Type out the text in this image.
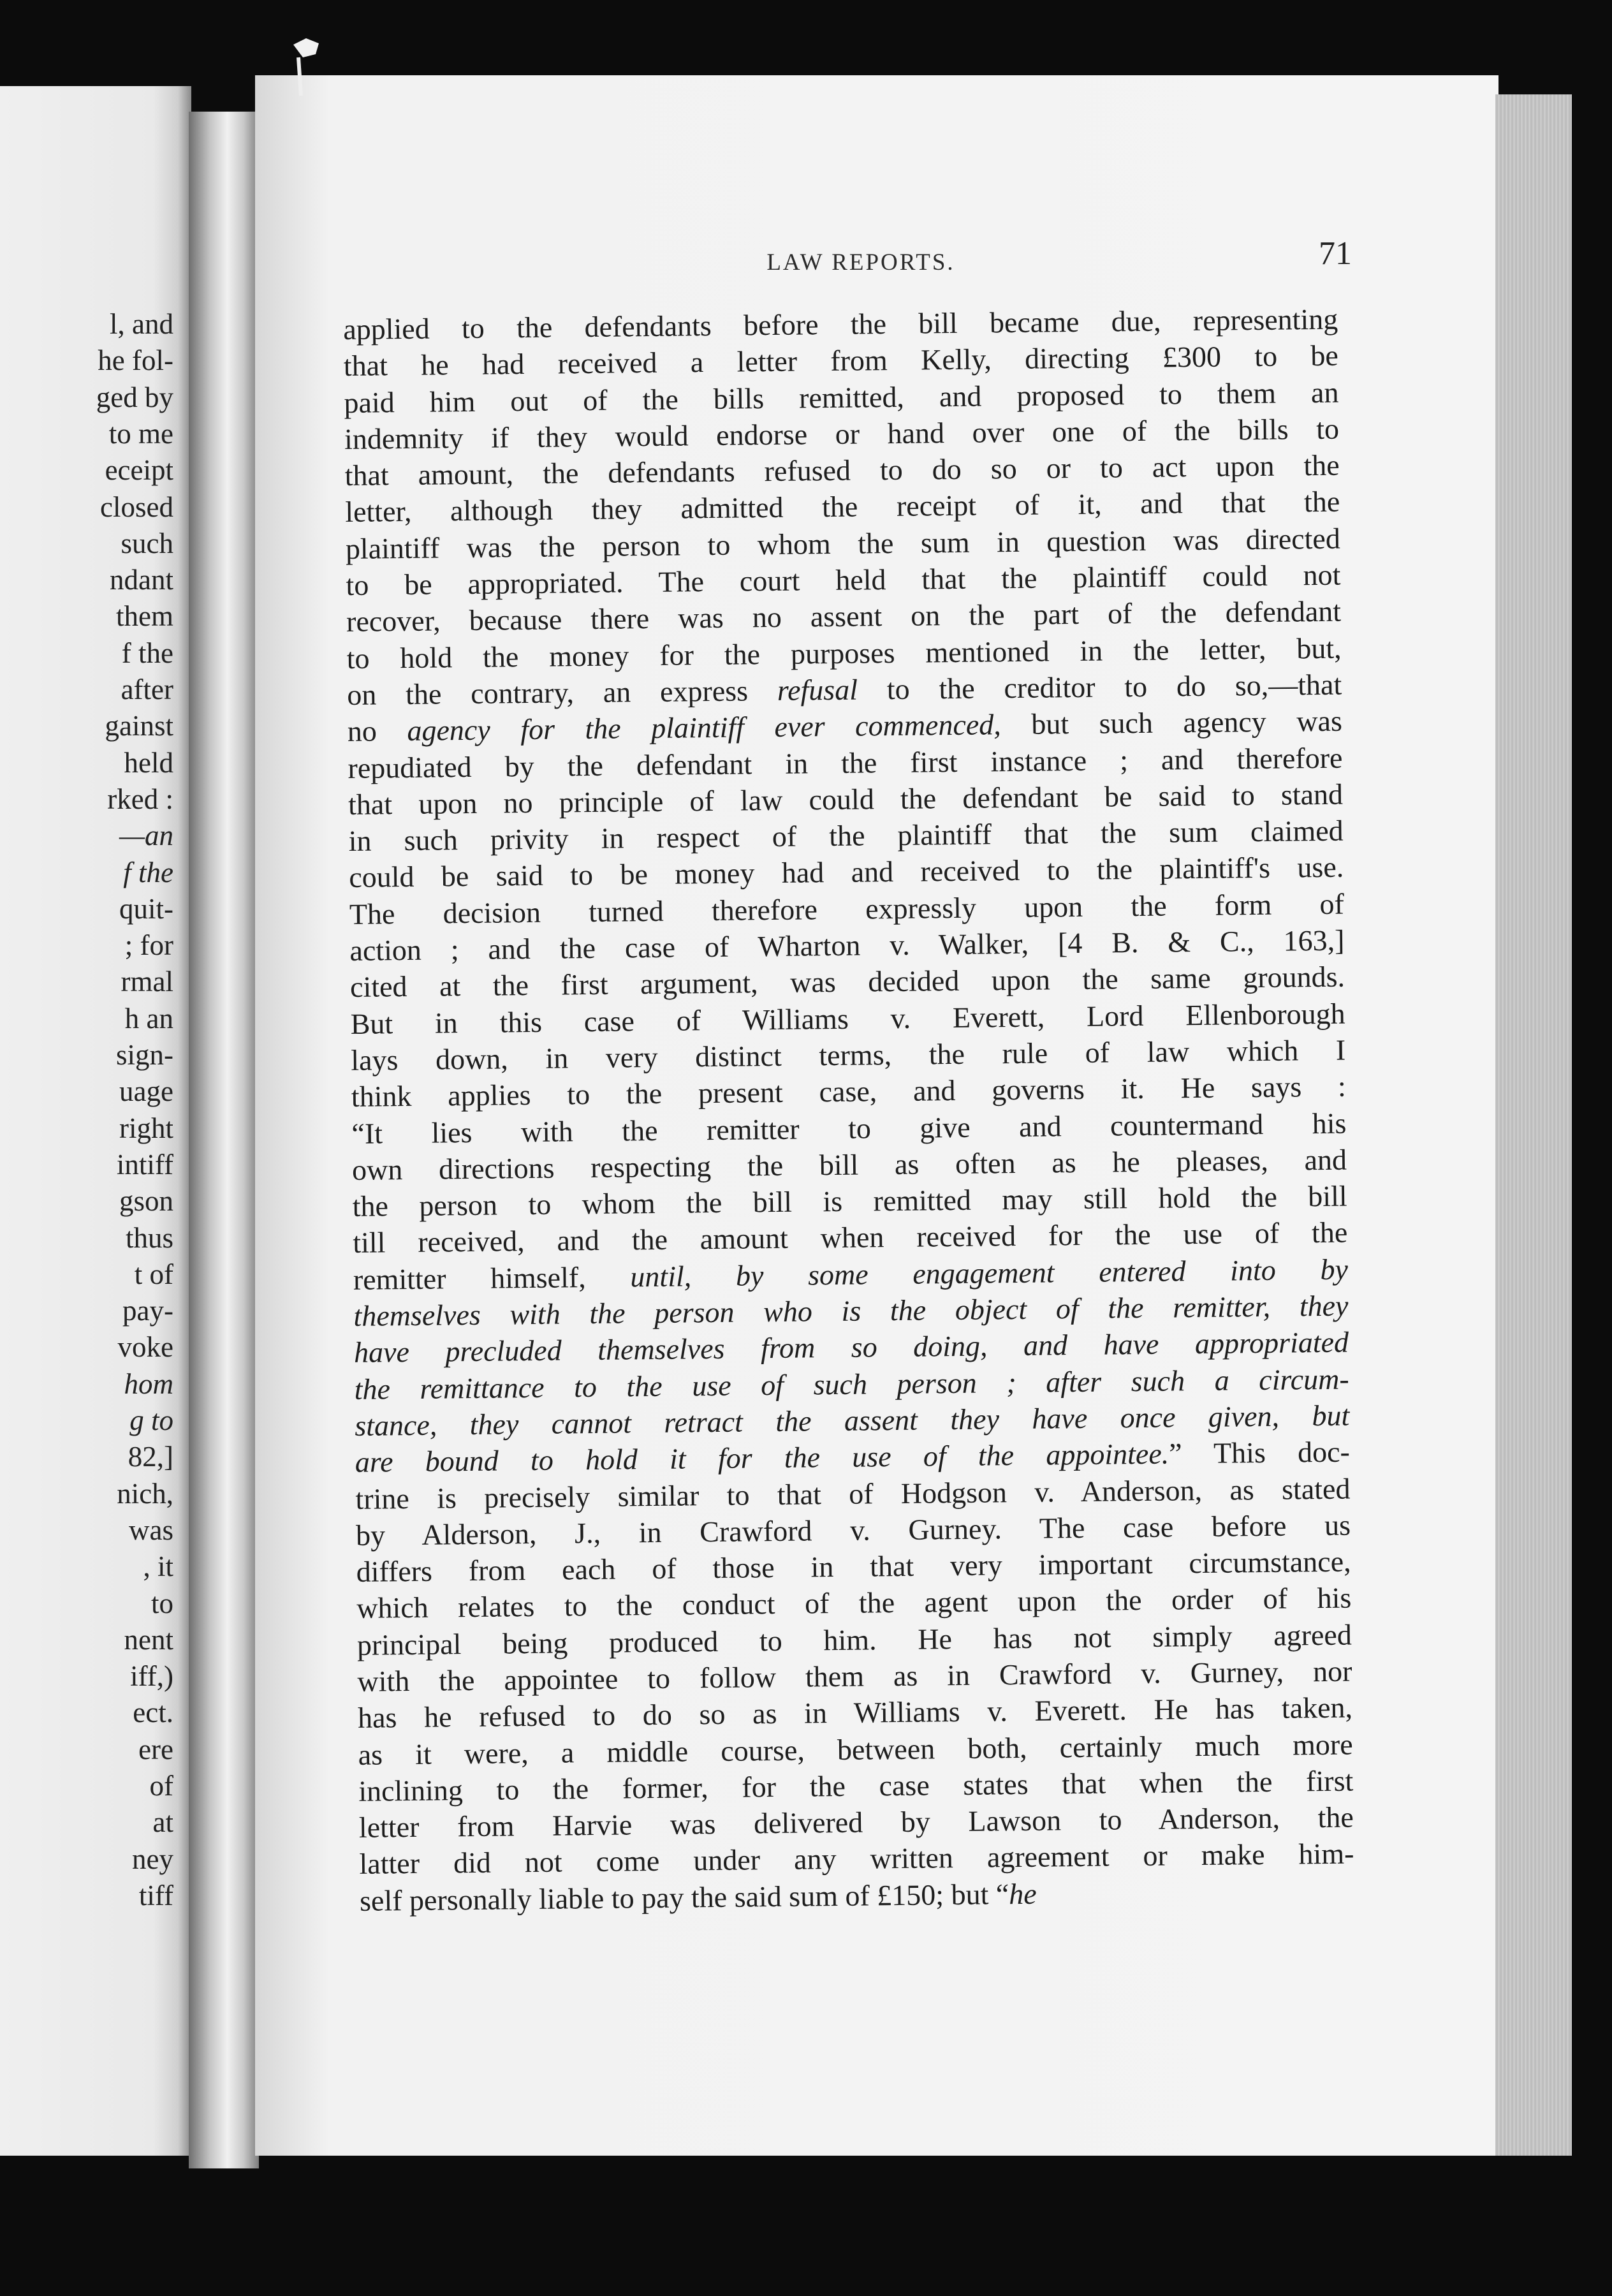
l, and
he fol-
ged by
to me
eceipt
closed
such
ndant
them
f the
after
gainst
held
rked :
—an
f the
quit-
; for
rmal
h an
sign-
uage
right
intiff
gson
thus
t of
pay-
voke
hom
g to
82,]
nich,
was
, it
to
nent
iff,)
ect.
ere
of
at
ney
tiff
LAW REPORTS.	71
applied to the defendants before the bill became due, representing
that he had received a letter from Kelly, directing £300 to be
paid him out of the bills remitted, and proposed to them an
indemnity if they would endorse or hand over one of the bills to
that amount, the defendants refused to do so or to act upon the
letter, although they admitted the receipt of it, and that the
plaintiff was the person to whom the sum in question was directed
to be appropriated. The court held that the plaintiff could not
recover, because there was no assent on the part of the defendant
to hold the money for the purposes mentioned in the letter, but,
on the contrary, an express refusal to the creditor to do so,—that
no agency for the plaintiff ever commenced, but such agency was
repudiated by the defendant in the first instance ; and therefore
that upon no principle of law could the defendant be said to stand
in such privity in respect of the plaintiff that the sum claimed
could be said to be money had and received to the plaintiff's use.
The decision turned therefore expressly upon the form of
action ; and the case of Wharton v. Walker, [4 B. & C., 163,]
cited at the first argument, was decided upon the same grounds.
But in this case of Williams v. Everett, Lord Ellenborough
lays down, in very distinct terms, the rule of law which I
think applies to the present case, and governs it. He says :
“It lies with the remitter to give and countermand his
own directions respecting the bill as often as he pleases, and
the person to whom the bill is remitted may still hold the bill
till received, and the amount when received for the use of the
remitter himself, until, by some engagement entered into by
themselves with the person who is the object of the remitter, they
have precluded themselves from so doing, and have appropriated
the remittance to the use of such person ; after such a circum-
stance, they cannot retract the assent they have once given, but
are bound to hold it for the use of the appointee.” This doc-
trine is precisely similar to that of Hodgson v. Anderson, as stated
by Alderson, J., in Crawford v. Gurney. The case before us
differs from each of those in that very important circumstance,
which relates to the conduct of the agent upon the order of his
principal being produced to him. He has not simply agreed
with the appointee to follow them as in Crawford v. Gurney, nor
has he refused to do so as in Williams v. Everett. He has taken,
as it were, a middle course, between both, certainly much more
inclining to the former, for the case states that when the first
letter from Harvie was delivered by Lawson to Anderson, the
latter did not come under any written agreement or make him-
self personally liable to pay the said sum of £150; but “he
